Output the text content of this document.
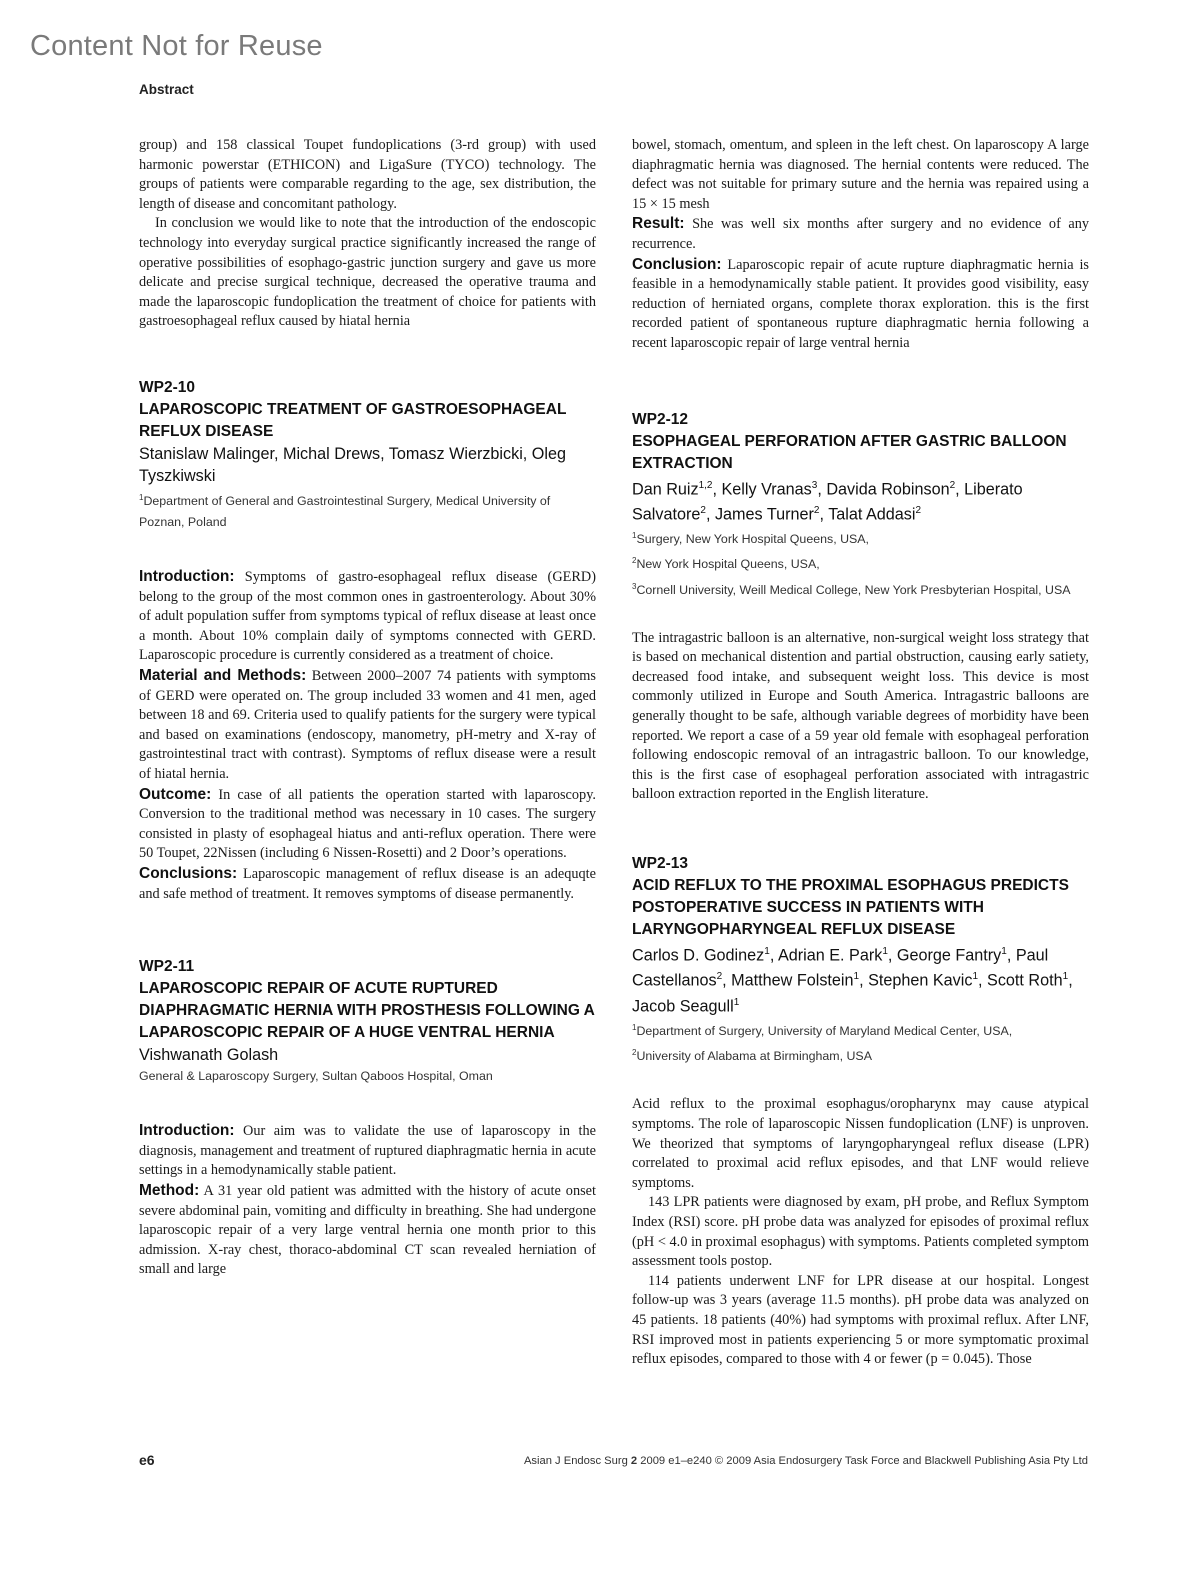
Content Not for Reuse
Abstract

group) and 158 classical Toupet fundoplications (3-rd group) with used harmonic powerstar (ETHICON) and LigaSure (TYCO) technology. The groups of patients were comparable regarding to the age, sex distribution, the length of disease and concomitant pathology.

In conclusion we would like to note that the introduction of the endoscopic technology into everyday surgical practice significantly increased the range of operative possibilities of esophago-gastric junction surgery and gave us more delicate and precise surgical technique, decreased the operative trauma and made the laparoscopic fundoplication the treatment of choice for patients with gastroesophageal reflux caused by hiatal hernia

WP2-10
LAPAROSCOPIC TREATMENT OF GASTROESOPHAGEAL REFLUX DISEASE
Stanislaw Malinger, Michal Drews, Tomasz Wierzbicki, Oleg Tyszkiwski
$^1$Department of General and Gastrointestinal Surgery, Medical University of Poznan, Poland

Introduction: Symptoms of gastro-esophageal reflux disease (GERD) belong to the group of the most common ones in gastroenterology. About 30% of adult population suffer from symptoms typical of reflux disease at least once a month. About 10% complain daily of symptoms connected with GERD. Laparoscopic procedure is currently considered as a treatment of choice.

Material and Methods: Between 2000–2007 74 patients with symptoms of GERD were operated on. The group included 33 women and 41 men, aged between 18 and 69. Criteria used to qualify patients for the surgery were typical and based on examinations (endoscopy, manometry, pH-metry and X-ray of gastrointestinal tract with contrast). Symptoms of reflux disease were a result of hiatal hernia.

Outcome: In case of all patients the operation started with laparoscopy. Conversion to the traditional method was necessary in 10 cases. The surgery consisted in plasty of esophageal hiatus and anti-reflux operation. There were 50 Toupet, 22Nissen (including 6 Nissen-Rosetti) and 2 Door’s operations.

Conclusions: Laparoscopic management of reflux disease is an adequqte and safe method of treatment. It removes symptoms of disease permanently.

WP2-11
LAPAROSCOPIC REPAIR OF ACUTE RUPTURED DIAPHRAGMATIC HERNIA WITH PROSTHESIS FOLLOWING A LAPAROSCOPIC REPAIR OF A HUGE VENTRAL HERNIA
Vishwanath Golash
General & Laparoscopy Surgery, Sultan Qaboos Hospital, Oman

Introduction: Our aim was to validate the use of laparoscopy in the diagnosis, management and treatment of ruptured diaphragmatic hernia in acute settings in a hemodynamically stable patient.

Method: A 31 year old patient was admitted with the history of acute onset severe abdominal pain, vomiting and difficulty in breathing. She had undergone laparoscopic repair of a very large ventral hernia one month prior to this admission. X-ray chest, thoraco-abdominal CT scan revealed herniation of small and large

bowel, stomach, omentum, and spleen in the left chest. On laparoscopy A large diaphragmatic hernia was diagnosed. The hernial contents were reduced. The defect was not suitable for primary suture and the hernia was repaired using a 15 × 15 mesh

Result: She was well six months after surgery and no evidence of any recurrence.

Conclusion: Laparoscopic repair of acute rupture diaphragmatic hernia is feasible in a hemodynamically stable patient. It provides good visibility, easy reduction of herniated organs, complete thorax exploration. this is the first recorded patient of spontaneous rupture diaphragmatic hernia following a recent laparoscopic repair of large ventral hernia

WP2-12
ESOPHAGEAL PERFORATION AFTER GASTRIC BALLOON EXTRACTION
Dan Ruiz$^{1,2}$, Kelly Vranas$^3$, Davida Robinson$^2$, Liberato Salvatore$^2$, James Turner$^2$, Talat Addasi$^2$
$^1$Surgery, New York Hospital Queens, USA,
$^2$New York Hospital Queens, USA,
$^3$Cornell University, Weill Medical College, New York Presbyterian Hospital, USA

The intragastric balloon is an alternative, non-surgical weight loss strategy that is based on mechanical distention and partial obstruction, causing early satiety, decreased food intake, and subsequent weight loss. This device is most commonly utilized in Europe and South America. Intragastric balloons are generally thought to be safe, although variable degrees of morbidity have been reported. We report a case of a 59 year old female with esophageal perforation following endoscopic removal of an intragastric balloon. To our knowledge, this is the first case of esophageal perforation associated with intragastric balloon extraction reported in the English literature.

WP2-13
ACID REFLUX TO THE PROXIMAL ESOPHAGUS PREDICTS POSTOPERATIVE SUCCESS IN PATIENTS WITH LARYNGOPHARYNGEAL REFLUX DISEASE
Carlos D. Godinez$^1$, Adrian E. Park$^1$, George Fantry$^1$, Paul Castellanos$^2$, Matthew Folstein$^1$, Stephen Kavic$^1$, Scott Roth$^1$, Jacob Seagull$^1$
$^1$Department of Surgery, University of Maryland Medical Center, USA,
$^2$University of Alabama at Birmingham, USA

Acid reflux to the proximal esophagus/oropharynx may cause atypical symptoms. The role of laparoscopic Nissen fundoplication (LNF) is unproven. We theorized that symptoms of laryngopharyngeal reflux disease (LPR) correlated to proximal acid reflux episodes, and that LNF would relieve symptoms.

143 LPR patients were diagnosed by exam, pH probe, and Reflux Symptom Index (RSI) score. pH probe data was analyzed for episodes of proximal reflux (pH < 4.0 in proximal esophagus) with symptoms. Patients completed symptom assessment tools postop.

114 patients underwent LNF for LPR disease at our hospital. Longest follow-up was 3 years (average 11.5 months). pH probe data was analyzed on 45 patients. 18 patients (40%) had symptoms with proximal reflux. After LNF, RSI improved most in patients experiencing 5 or more symptomatic proximal reflux episodes, compared to those with 4 or fewer (p = 0.045). Those

e6	Asian J Endosc Surg 2 2009 e1–e240 © 2009 Asia Endosurgery Task Force and Blackwell Publishing Asia Pty Ltd
